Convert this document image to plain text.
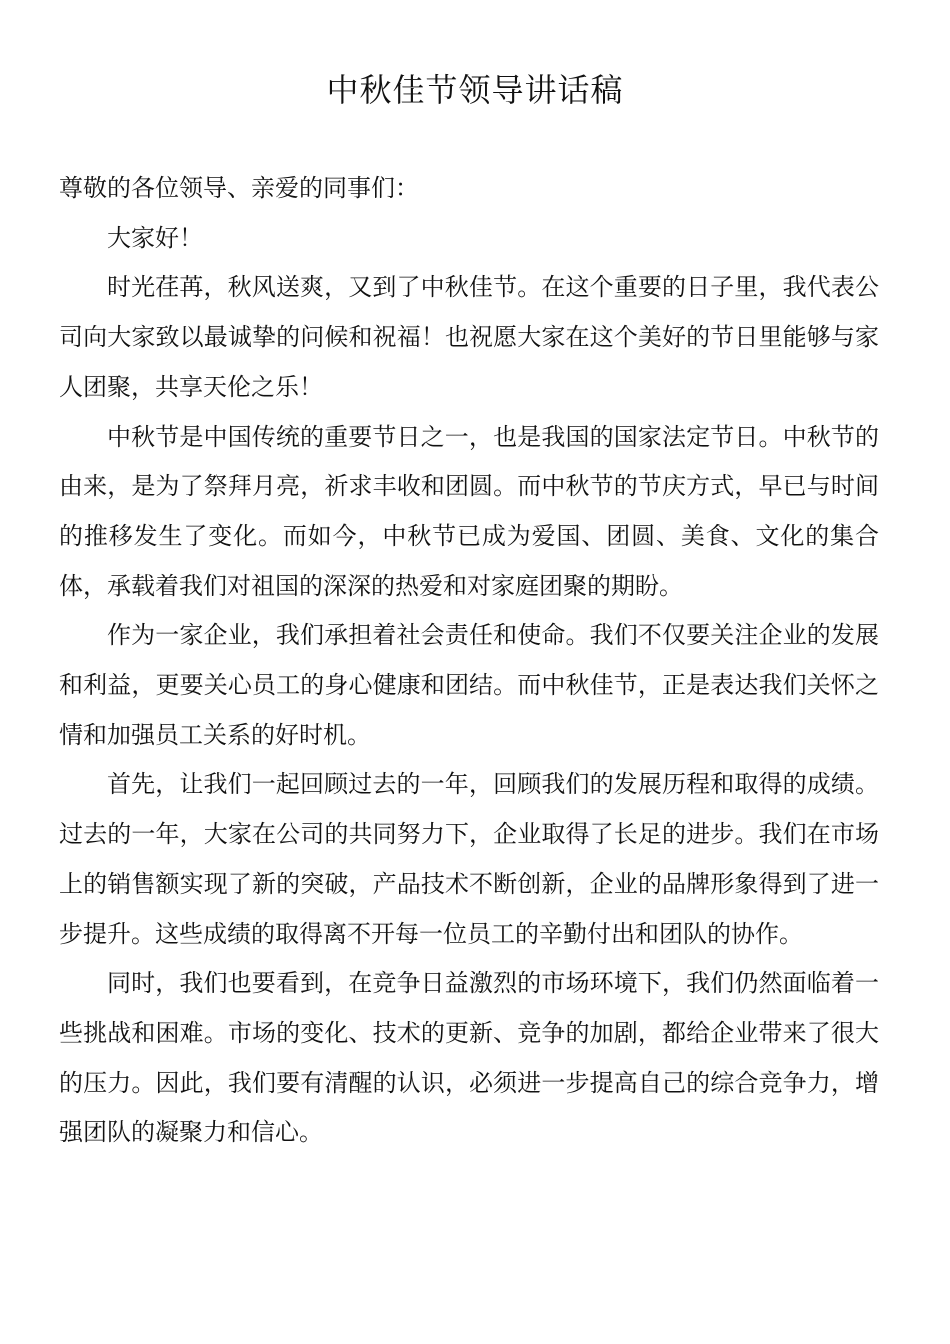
中秋佳节领导讲话稿

尊敬的各位领导、亲爱的同事们：

大家好！

时光荏苒，秋风送爽，又到了中秋佳节。在这个重要的日子里，我代表公司向大家致以最诚挚的问候和祝福！也祝愿大家在这个美好的节日里能够与家人团聚，共享天伦之乐！

中秋节是中国传统的重要节日之一，也是我国的国家法定节日。中秋节的由来，是为了祭拜月亮，祈求丰收和团圆。而中秋节的节庆方式，早已与时间的推移发生了变化。而如今，中秋节已成为爱国、团圆、美食、文化的集合体，承载着我们对祖国的深深的热爱和对家庭团聚的期盼。

作为一家企业，我们承担着社会责任和使命。我们不仅要关注企业的发展和利益，更要关心员工的身心健康和团结。而中秋佳节，正是表达我们关怀之情和加强员工关系的好时机。

首先，让我们一起回顾过去的一年，回顾我们的发展历程和取得的成绩。过去的一年，大家在公司的共同努力下，企业取得了长足的进步。我们在市场上的销售额实现了新的突破，产品技术不断创新，企业的品牌形象得到了进一步提升。这些成绩的取得离不开每一位员工的辛勤付出和团队的协作。

同时，我们也要看到，在竞争日益激烈的市场环境下，我们仍然面临着一些挑战和困难。市场的变化、技术的更新、竞争的加剧，都给企业带来了很大的压力。因此，我们要有清醒的认识，必须进一步提高自己的综合竞争力，增强团队的凝聚力和信心。
